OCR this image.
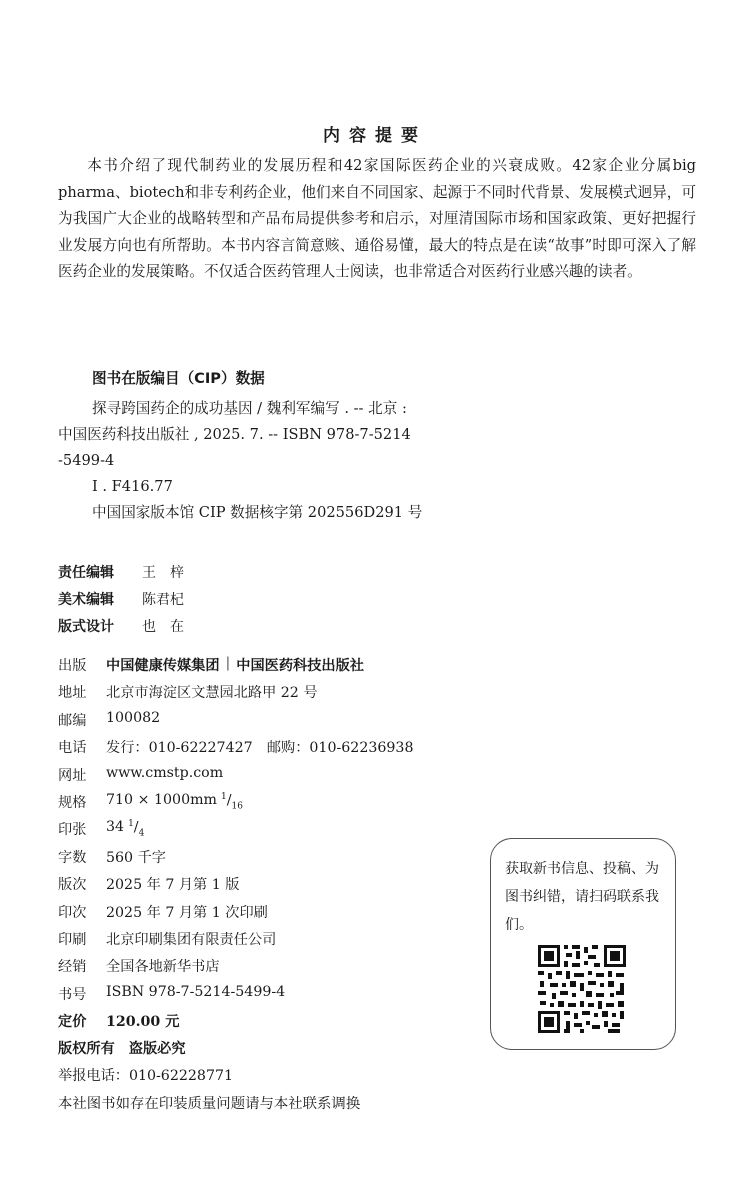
内容提要
本书介绍了现代制药业的发展历程和42家国际医药企业的兴衰成败。42家企业分属big pharma、biotech和非专利药企业，他们来自不同国家、起源于不同时代背景、发展模式迥异，可为我国广大企业的战略转型和产品布局提供参考和启示，对厘清国际市场和国家政策、更好把握行业发展方向也有所帮助。本书内容言简意赅、通俗易懂，最大的特点是在读“故事”时即可深入了解医药企业的发展策略。不仅适合医药管理人士阅读，也非常适合对医药行业感兴趣的读者。
图书在版编目（CIP）数据
探寻跨国药企的成功基因 / 魏利军编写 . -- 北京 :
中国医药科技出版社 , 2025. 7. -- ISBN 978-7-5214
-5499-4
Ⅰ . F416.77
中国国家版本馆 CIP 数据核字第 202556D291 号
责任编辑	王　梓
美术编辑	陈君杞
版式设计	也　在
出版	中国健康传媒集团 | 中国医药科技出版社
地址	北京市海淀区文慧园北路甲 22 号
邮编	100082
电话	发行：010-62227427　邮购：010-62236938
网址	www.cmstp.com
规格	710 × 1000mm $^1/_{16}$
印张	34 $^1/_4$
字数	560 千字
版次	2025 年 7 月第 1 版
印次	2025 年 7 月第 1 次印刷
印刷	北京印刷集团有限责任公司
经销	全国各地新华书店
书号	ISBN 978-7-5214-5499-4
定价	120.00 元
版权所有 盗版必究
举报电话：010-62228771
本社图书如存在印装质量问题请与本社联系调换
获取新书信息、投稿、为图书纠错，请扫码联系我们。
